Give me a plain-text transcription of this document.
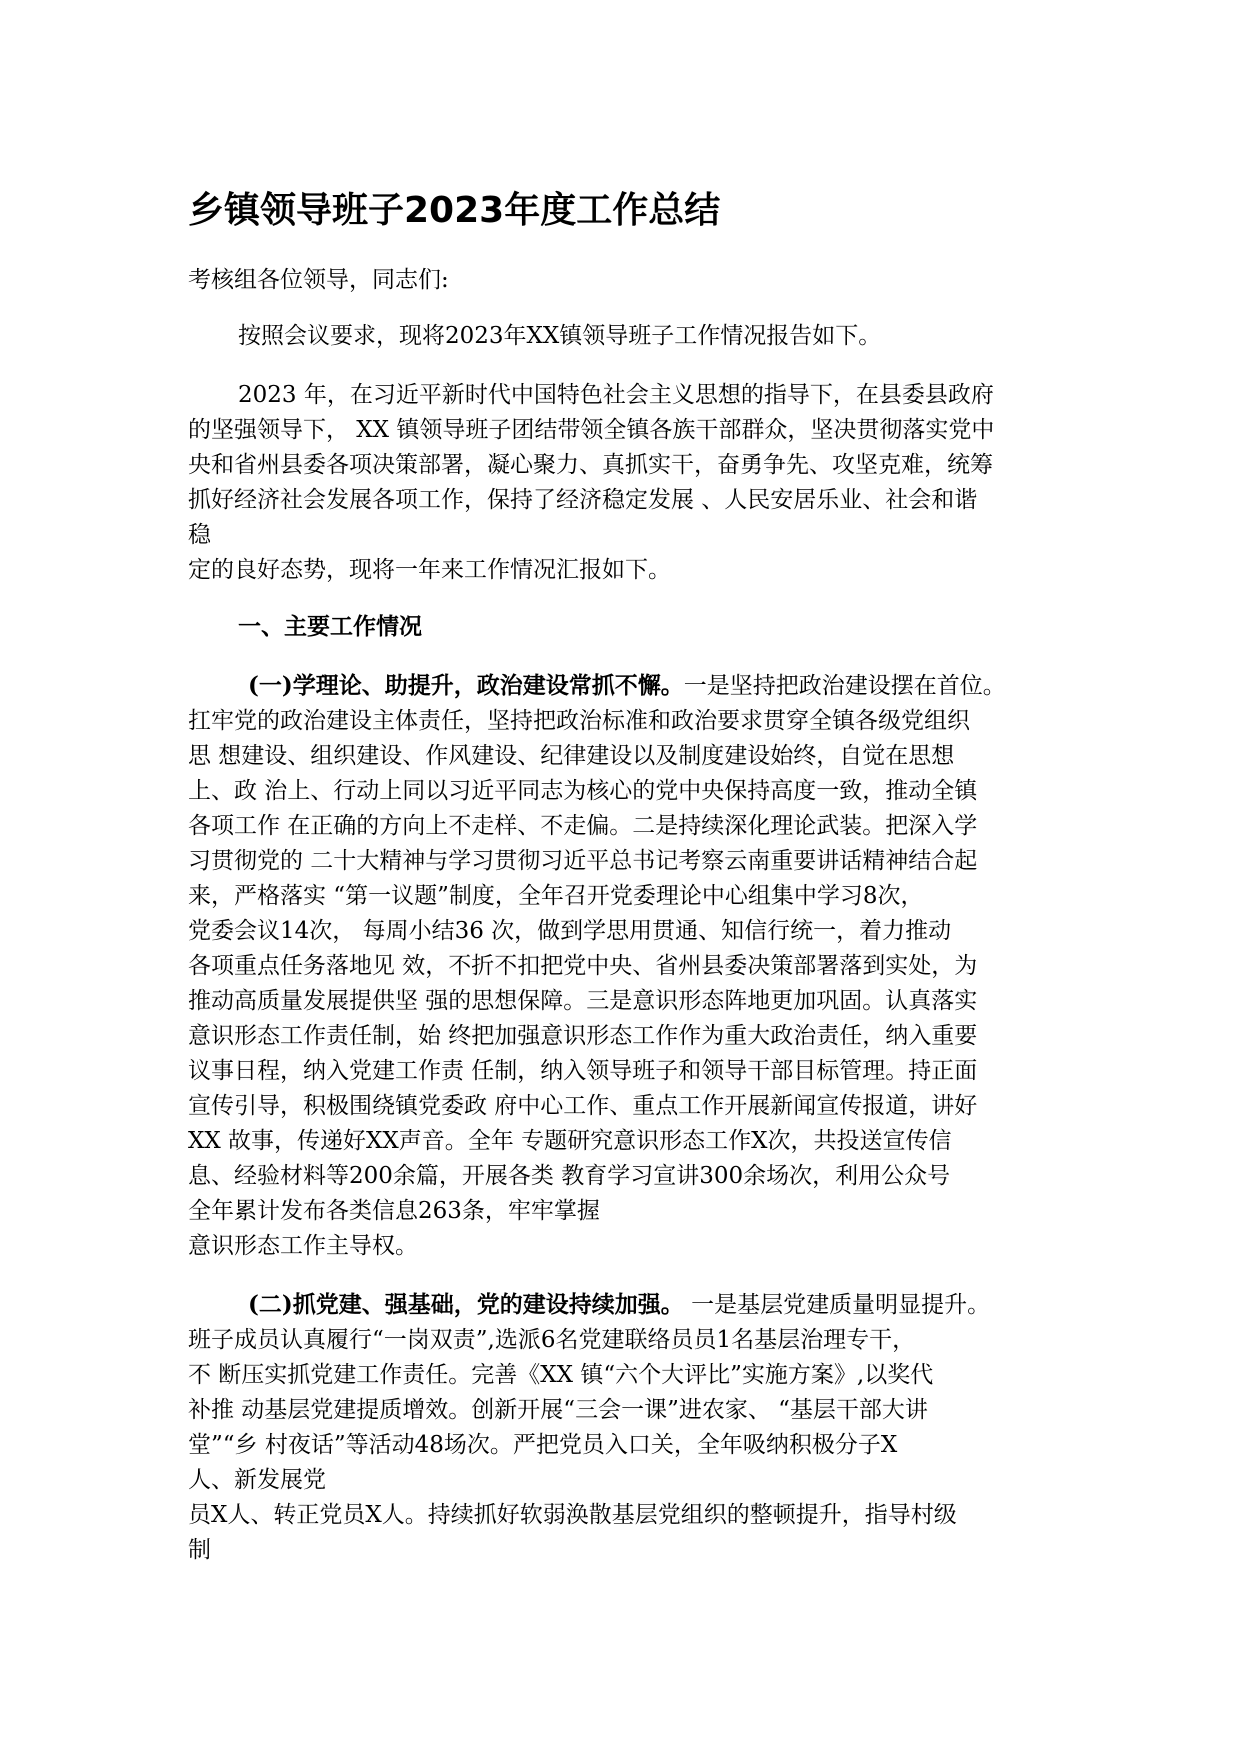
乡镇领导班子2023年度工作总结

考核组各位领导，同志们:

按照会议要求，现将2023年XX镇领导班子工作情况报告如下。

2023 年，在习近平新时代中国特色社会主义思想的指导下，在县委县政府

的坚强领导下， XX 镇领导班子团结带领全镇各族干部群众，坚决贯彻落实党中

央和省州县委各项决策部署，凝心聚力、真抓实干，奋勇争先、攻坚克难，统筹

抓好经济社会发展各项工作，保持了经济稳定发展 、人民安居乐业、社会和谐

稳

定的良好态势，现将一年来工作情况汇报如下。

一、主要工作情况

(一)学理论、助提升，政治建设常抓不懈。一是坚持把政治建设摆在首位。

扛牢党的政治建设主体责任，坚持把政治标准和政治要求贯穿全镇各级党组织

思 想建设、组织建设、作风建设、纪律建设以及制度建设始终，自觉在思想

上、政 治上、行动上同以习近平同志为核心的党中央保持高度一致，推动全镇

各项工作 在正确的方向上不走样、不走偏。二是持续深化理论武装。把深入学

习贯彻党的 二十大精神与学习贯彻习近平总书记考察云南重要讲话精神结合起

来，严格落实 “第一议题”制度，全年召开党委理论中心组集中学习8次，

党委会议14次， 每周小结36 次，做到学思用贯通、知信行统一，着力推动

各项重点任务落地见 效，不折不扣把党中央、省州县委决策部署落到实处，为

推动高质量发展提供坚 强的思想保障。三是意识形态阵地更加巩固。认真落实

意识形态工作责任制，始 终把加强意识形态工作作为重大政治责任，纳入重要

议事日程，纳入党建工作责 任制，纳入领导班子和领导干部目标管理。持正面

宣传引导，积极围绕镇党委政 府中心工作、重点工作开展新闻宣传报道，讲好

XX 故事，传递好XX声音。全年 专题研究意识形态工作X次，共投送宣传信

息、经验材料等200余篇，开展各类 教育学习宣讲300余场次，利用公众号

全年累计发布各类信息263条，牢牢掌握

意识形态工作主导权。

(二)抓党建、强基础，党的建设持续加强。 一是基层党建质量明显提升。

班子成员认真履行“一岗双责”,选派6名党建联络员员1名基层治理专干，

不 断压实抓党建工作责任。完善《XX 镇“六个大评比”实施方案》,以奖代

补推 动基层党建提质增效。创新开展“三会一课”进农家、 “基层干部大讲

堂”“乡 村夜话”等活动48场次。严把党员入口关，全年吸纳积极分子X

人、新发展党

员X人、转正党员X人。持续抓好软弱涣散基层党组织的整顿提升，指导村级

制
